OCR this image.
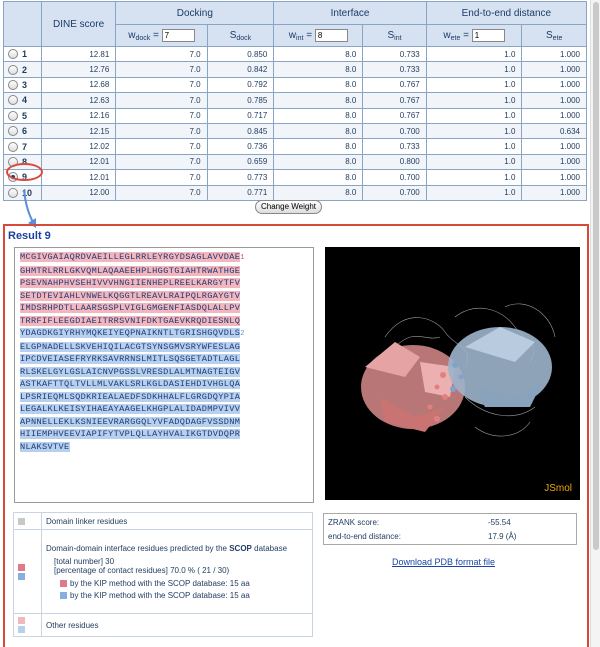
	DINE score	Docking		Interface		End-to-end distance	
		$w_{dock} = 7$	$S_{dock}$	$w_{int} = 8$	$S_{int}$	$w_{ete} = 1$	$S_{ete}$
1	12.81	7.0	0.850	8.0	0.733	1.0	1.000
2	12.76	7.0	0.842	8.0	0.733	1.0	1.000
3	12.68	7.0	0.792	8.0	0.767	1.0	1.000
4	12.63	7.0	0.785	8.0	0.767	1.0	1.000
5	12.16	7.0	0.717	8.0	0.767	1.0	1.000
6	12.15	7.0	0.845	8.0	0.700	1.0	0.634
7	12.02	7.0	0.736	8.0	0.733	1.0	1.000
8	12.01	7.0	0.659	8.0	0.800	1.0	1.000
9	12.01	7.0	0.773	8.0	0.700	1.0	1.000
10	12.00	7.0	0.771	8.0	0.700	1.0	1.000
Change Weight
Result 9
MCGIVGAIAQRDVAEILLEGLRRLEYRGYDSAGLAVVDAE1
GHMTRLRRLGKVQMLAQAAEEHPLHGGTGIAHTRWATHGE
PSEVNAHPHVSEHIVVVHNGIIENHEPLREELKARGYTFV
SETDTEVIAHLVNWELKQGGTLREAVLRAIPQLRGAYGTV
IMDSRHPDTLLAARSGSPLVIGLGMGENFIASDQLALLPV
TRRFIFLEEGDIAEITRRSVNIFDKTGAEVKRQDIESNLQ
YDAGDKGIYRHYMQKEIYEQPNAIKNTLTGRISHGQVDLS2
ELGPNADELLSKVEHIQILACGTSYNSGMVSRYWFESLAG
IPCDVEIASEFRYRKSAVRRNSLMITLSQSGETADTLAGL
RLSKELGYLGSLAICNVPGSSLVRESDLALMTNAGTEIGV
ASTKAFTTQLTVLLMLVAKLSRLKGLDASIEHDIVHGLQA
LPSRIEQMLSQDKRIEALAEDFSDKHHALFLGRGDQYPIA
LEGALKLKEISYIHAEAYAAGELKHGPLALIDADMPVIVV
APNNELLEKLKSNIEEVRARGGQLYVFADQDAGFVSSDNM
HIIEMPHVEEVIAPIFYTVPLQLLAYHVALIKGTDVDQPR
NLAKSVTVE
JSmol
	Domain linker residues

	Domain-domain interface residues predicted by the SCOP database
[total number] 30
[percentage of contact residues] 70.0 % ( 21 / 30)
by the KIP method with the SCOP database: 15 aa
by the KIP method with the SCOP database: 15 aa

	Other residues
ZRANK score:	-55.54
end-to-end distance:	17.9 (Å)
Download PDB format file
